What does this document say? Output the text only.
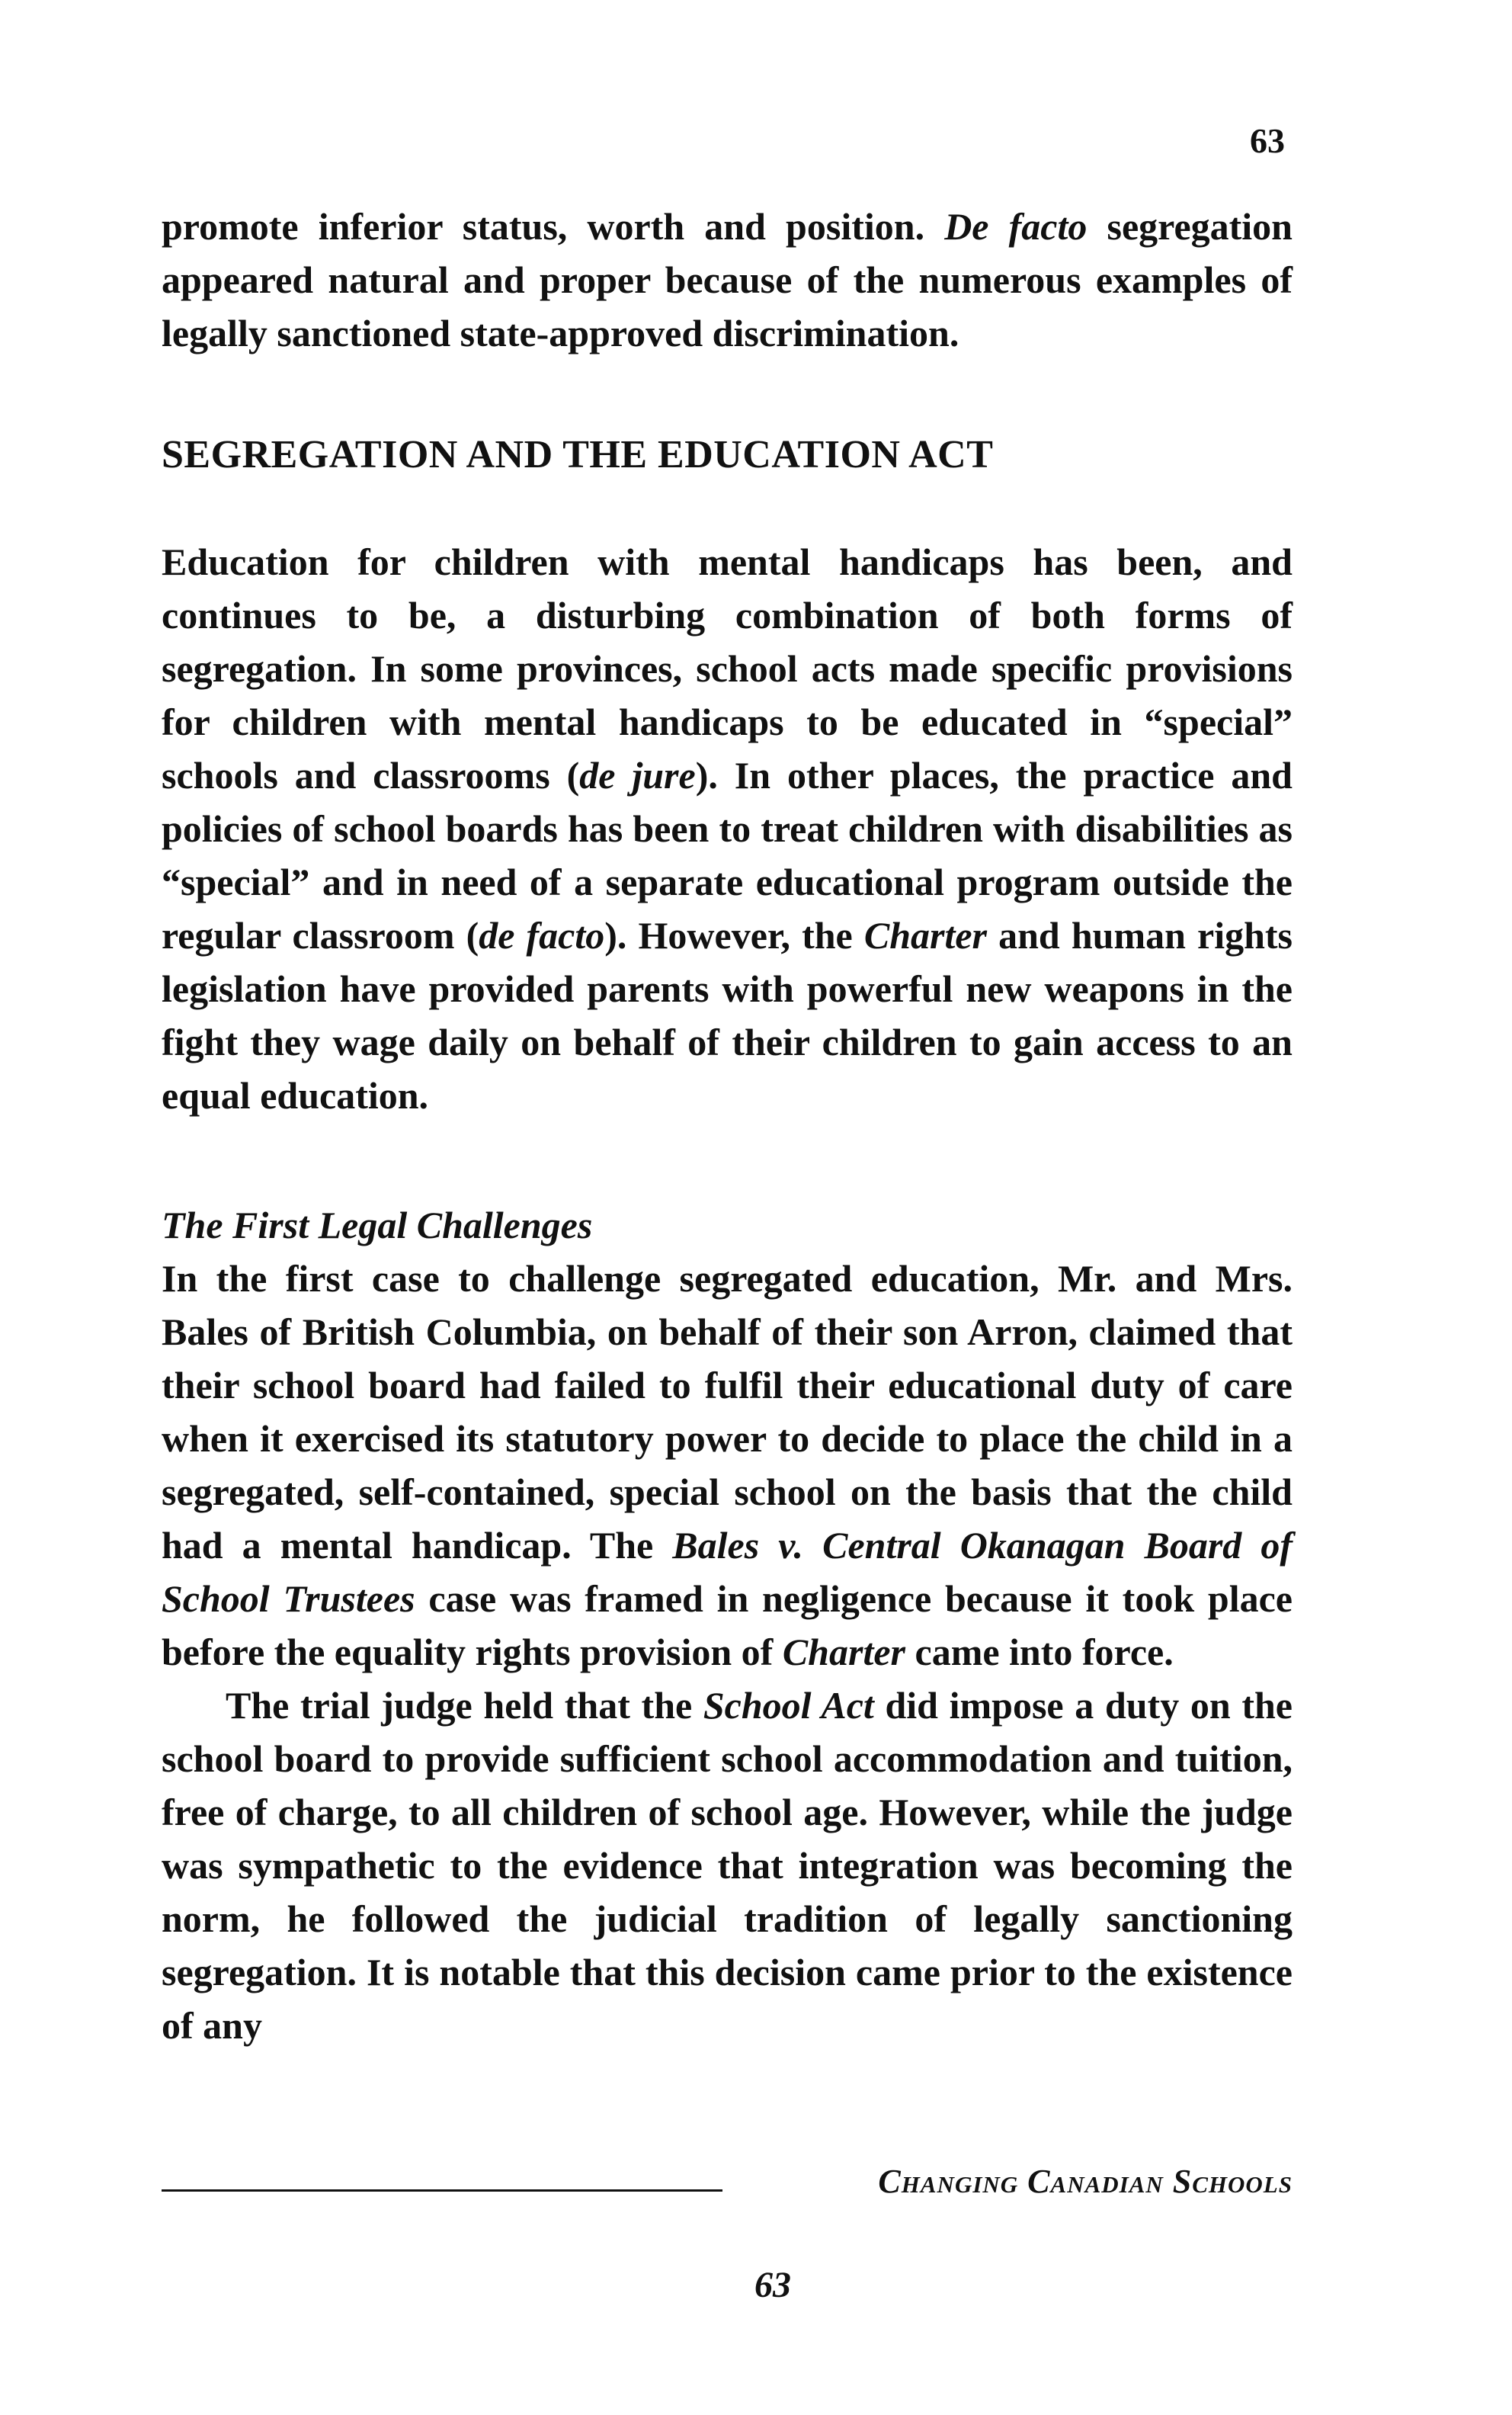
63

promote inferior status, worth and position. De facto segregation appeared natural and proper because of the numerous examples of legally sanctioned state-approved discrimination.

SEGREGATION AND THE EDUCATION ACT

Education for children with mental handicaps has been, and continues to be, a disturbing combination of both forms of segregation. In some provinces, school acts made specific provisions for children with mental handicaps to be educated in “special” schools and classrooms (de jure). In other places, the practice and policies of school boards has been to treat children with disabilities as “special” and in need of a separate educational program outside the regular classroom (de facto). However, the Charter and human rights legislation have provided parents with powerful new weapons in the fight they wage daily on behalf of their children to gain access to an equal education.

The First Legal Challenges

In the first case to challenge segregated education, Mr. and Mrs. Bales of British Columbia, on behalf of their son Arron, claimed that their school board had failed to fulfil their educational duty of care when it exercised its statutory power to decide to place the child in a segregated, self-contained, special school on the basis that the child had a mental handicap. The Bales v. Central Okanagan Board of School Trustees case was framed in negligence because it took place before the equality rights provision of Charter came into force.

The trial judge held that the School Act did impose a duty on the school board to provide sufficient school accommodation and tuition, free of charge, to all children of school age. However, while the judge was sympathetic to the evidence that integration was becoming the norm, he followed the judicial tradition of legally sanctioning segregation. It is notable that this decision came prior to the existence of any

Changing Canadian Schools
63
